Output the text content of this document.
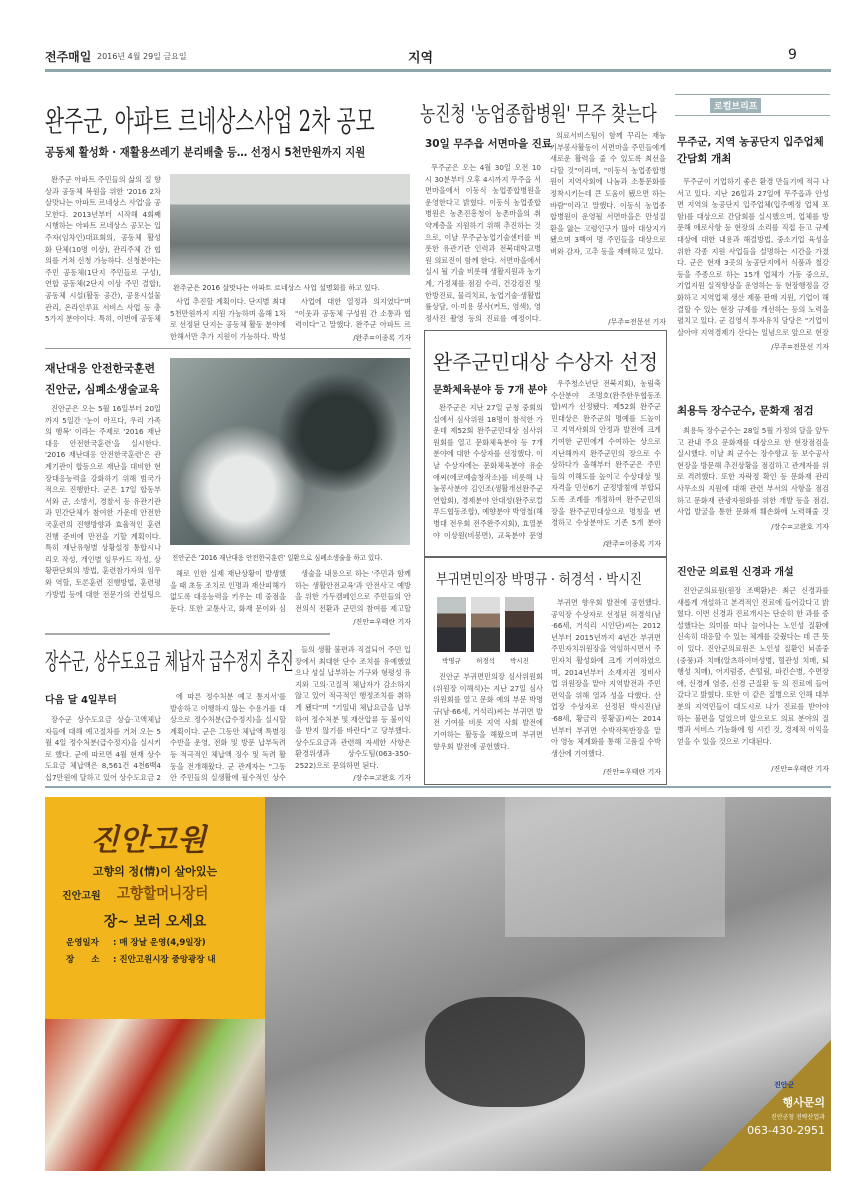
전주매일 2016년 4월 29일 금요일	지역	9
완주군, 아파트 르네상스사업 2차 공모
공동체 활성화 · 재활용쓰레기 분리배출 등… 선정시 5천만원까지 지원
완주군 아파트 주민들의 삶의 질 향상과 공동체 복원을 위한 '2016 2차 살맛나는 아파트 르네상스 사업'을 공모한다. 2013년부터 시작해 4회째 시행하는 아파트 르네상스 공모는 입주자(임차인)대표회의, 공동체 활성화 단체(10명 이상), 관리주체 간 협의를 거쳐 신청 가능하다. 신청분야는 주민 공동체(1단지 주민들로 구성), 연합 공동체(2단지 이상 주민 결합), 공동체 시설(활동 공간), 공용시설물 관리, 온라인루표 서비스 사업 등 총 5가지 분야이다. 특히, 이번에 공동체
완주군은 2016 살맛나는 아파트 르네상스 사업 설명회를 하고 있다.
사업 추진할 계획이다. 단지별 최대 5천만원까지 지원 가능하며 올해 1차로 선정된 단지는 공동체 활동 분야에 한해서만 추가 지원이 가능하다. 박성
사업에 대한 열정과 의지였다"며 "이웃과 공동체 구성원 간 소통과 협력이다"고 말했다. 완주군 아파트 르
/완주=이종록 기자
재난대응 안전한국훈련
진안군, 심폐소생술교육
진안군은 오는 5월 16일부터 20일까지 5일간 '눈이 아프다, 우리 가족의 행복' 이라는 주제로 '2016 재난대응 안전한국훈련'을 실시한다. '2016 재난대응 안전한국훈련'은 관계기관이 합동으로 재난을 대비한 현장대응능력을 강화하기 위해 범국가적으로 진행한다. 군은 17일 합동부서와 군, 소방서, 경찰서 등 유관기관과 민간단체가 참여한 가운데 안전한국훈련의 진행방향과 효율적인 훈련 진행 준비에 만전을 기할 계획이다. 특히 재난유형별 상황설정 통합시나리오 작성, 개인별 임무카드 작성, 상황판단회의 방법, 훈련참가자의 임무와 역할, 토론훈련 진행방법, 훈련평가방법 등에 대한 전문가의 컨설팅으
진안군은 '2016 재난대응 안전한국훈련' 일환으로 심폐소생술을 하고 있다.
해로 인한 실제 재난상황이 발생했을 때 초동 조치로 인명과 재산피해가 없도록 대응능력을 키우는 데 중점을 둔다. 또한 교통사고, 화재 문이와 심
생술을 내용으로 하는 '주민과 함께하는 생활안전교육'과 안전사고 예방을 위한 가두캠페인으로 주민들의 안전의식 전환과 군민의 참여를 제고할
/진안=우태란 기자
장수군, 상수도요금 체납자 급수정지 추진
다음 달 4일부터
장수군 상수도요금 상습·고액체납자들에 대해 예고절차를 거쳐 오는 5월 4일 정수처분(급수정지)을 실시키로 했다. 군에 따르면 4월 현재 상수도요금 체납액은 8,561건 4천6백4십7만원에 달하고 있어 상수도요금 2
에 따른 정수처분 예고 통지서'를 발송하고 이행하지 않는 수용가를 대상으로 정수처분(급수정지)을 실시할 계획이다. 군은 그동안 체납액 특별징수반을 운영, 전화 및 방문 납부독려 등 적극적인 체납액 징수 및 독려 활동을 전개해왔다. 군 관계자는 "그동안 주민들의 실생활에 필수적인 상수
들의 생활 불편과 직결되어 주민 입장에서 최대한 단수 조치를 유예했었으나 성실 납부하는 가구와 형평성 유지와 고의·고질적 체납자가 감소하지 않고 있어 적극적인 행정조치를 취하게 됐다"며 "기일내 체납요금을 납부하여 정수처분 및 재산압류 등 불이익을 받지 않기를 바란다"고 당부했다. 상수도요금과 관련해 자세한 사항은 환경위생과 상수도팀(063-350-2522)으로 문의하면 된다.
/장수=고완호 기자
농진청 '농업종합병원' 무주 찾는다
30일 무주읍 서면마을 진료
무주군은 오는 4월 30일 오전 10시 30분부터 오후 4시까지 무주읍 서면마을에서 이동식 농업종합병원을 운영한다고 밝혔다. 이동식 농업종합병원은 농촌진흥청이 농촌마을의 취약계층을 지원하기 위해 추진하는 것으로, 이날 무주군농업기술센터를 비롯한 유관기관 인력과 전북대학교병원 의료진이 함께 한다. 서면마을에서 실시 될 기술 비롯해 생활지원과 농기계, 가정체를 점검 수리, 건강검진 및 한방진료, 물리치료, 농업기술·생활법률상담, 이·미용 봉사(커트, 염색), 영정사진 촬영 등의 진료를 예정이다.
의료서비스팀이 함께 꾸리는 재능기부봉사활동이 서면마을 주민들에게 새로운 활력을 줄 수 있도록 최선을 다할 것"이라며, "이동식 농업종합병원이 지역사회에 나눔과 소통문화를 정착시키는데 큰 도움이 됐으면 하는 바람"이라고 말했다. 이동식 농업종합병원이 운영될 서면마을은 만성질환을 앓는 고령인구가 많아 대상지가 됐으며 3백여 명 주민들을 대상으로 벼와 감자, 고추 등을 재배하고 있다.
/무주=전문선 기자
완주군민대상 수상자 선정
문화체육분야 등 7개 분야
완주군은 지난 27일 군청 중회의실에서 심사위원 18명이 참석한 가운데 제52회 완주군민대상 심사위원회를 열고 문화체육분야 등 7개 분야에 대한 수상자를 선정했다. 이날 수상자에는 문화체육분야 유순애씨(에코예술창작소)를 비롯해 나눔봉사분야 김인조(생활개선완주군연합회), 경제분야 안대성(완주로컬푸드협동조합), 예향분야 박영철(해병대 전우회 전주완주지회), 효열분야 이상원(비봉면), 교육분야 문영
우주청소년단 전북지회), 농림축수산분야 조명호(완주한우협동조합)씨가 선정됐다. 제52회 완주군민대상은 완주군의 명예를 드높이고 지역사회의 안정과 발전에 크게 기여한 군민에게 수여하는 상으로 지난해까지 완주군민의 장으로 수상하다가 올해부터 완주군은 주민들의 이해도를 높이고 수상대상 및 자격을 민선6기 군정방침에 부합되도록 조례를 개정하여 완주군민의장을 완주군민대상으로 명칭을 변경하고 수상분야도 기존 5개 분야
/완주=이종록 기자
부귀면민의장 박명규 · 허경석 · 박시진
박명규	허경석	박시진
진안군 부귀면민의장 심사위원회(위원장 이해석)는 지난 27일 심사위원회를 열고 문화 예의 부문 박명규(남·66세, 거석리)씨는 부귀면 발전 기여를 비롯 지역 사회 발전에 기여하는 활동을 해왔으며 부귀면 향우회 발전에 공헌했다.
부귀면 향우회 발전에 공헌했다. 공익장 수상자로 선정된 허경석(남·66세, 거석리 시인단)씨는 2012년부터 2015년까지 4년간 부귀면 주민자치위원장을 역임하시면서 주민자치 활성화에 크게 기여하였으며, 2014년부터 소재지권 정비사업 위원장을 맡아 지역발전과 주민편익을 위해 열과 성을 다했다. 산업장 수상자로 선정된 박시진(남·68세, 황금리 봉황골)씨는 2014년부터 부귀면 수박작목반장을 맡아 영농 체계화를 통해 고품질 수박생산에 기여했다.
/진안=우태란 기자
로컬브리프
무주군, 지역 농공단지 입주업체 간담회 개최
무주군이 기업하기 좋은 환경 만들기에 적극 나서고 있다. 지난 26일과 27일에 무주읍과 안성면 지역의 농공단지 입주업체(입주예정 업체 포함)를 대상으로 간담회를 실시했으며, 업체를 방문해 애로사항 등 현장의 소리를 직접 듣고 규제 대상에 대한 내용과 해결방법, 중소기업 육성을 위한 각종 지원 사업들을 설명하는 시간을 가졌다. 군은 현재 3곳의 농공단지에서 식품과 철강 등을 주종으로 하는 15개 업체가 가동 중으로, 기업지원 실적향상을 운영하는 등 현장행정을 강화하고 지역업체 생산 제품 판매 지원, 기업이 해결할 수 있는 현장 규제를 개선하는 등의 노력을 펼치고 있다. 군 김영식 투자유치 담당은 "기업이 살아야 지역경제가 산다는 일념으로 앞으로 현장
/무주=전문선 기자
최용득 장수군수, 문화재 점검
최용득 장수군수는 28일 5월 가정의 달을 앞두고 관내 주요 문화재를 대상으로 한 현장점검을 실시했다. 이날 최 군수는 장수향교 등 보수공사 현장을 방문해 추진상황을 점검하고 관계자를 위로 격려했다. 또한 자락정 확인 등 문화재 관리 사무소의 지원에 대해 관련 부서의 사항을 점검하고 문화재 관광자원화를 위한 개발 등을 점검, 사업 발굴을 통한 문화재 훼손화에 노력해줄 것
/장수=고완호 기자
진안군 의료원 신경과 개설
진안군의료원(원장 조백환)은 최근 신경과를 새롭게 개설하고 본격적인 진료에 들어갔다고 밝혔다. 이번 신경과 진료개시는 단순히 한 과를 증설했다는 의미를 떠나 늘어나는 노인성 질환에 신속히 대응할 수 있는 체계를 갖췄다는 데 큰 뜻이 있다. 진안군의료원은 노인성 질환인 뇌졸중(중풍)과 치매(알츠하이머성병, 혈관성 치매, 퇴행성 치매), 어지럼증, 손떨림, 파킨슨병, 수면장애, 신경계 염증, 신경 근질환 등 의 진료에 들어갔다고 밝혔다. 또한 이 같은 질병으로 인해 대부분의 지역민들이 대도시로 나가 진료를 받아야 하는 불편을 덜었으며 앞으로도 의료 분야의 질병과 서비스 기능화에 힘 시킨 것, 경제적 이익을 얻을 수 있을 것으로 기대된다.
/진안=우태란 기자
진안고원
고향의 정(情)이 살아있는
진안고원 고향할머니장터
장~ 보러 오세요
운영일자 : 매 장날 운영(4,9일장)
장　　소 : 진안고원시장 중앙광장 내
진안군
행사문의
진안군청 전략산업과
063-430-2951
